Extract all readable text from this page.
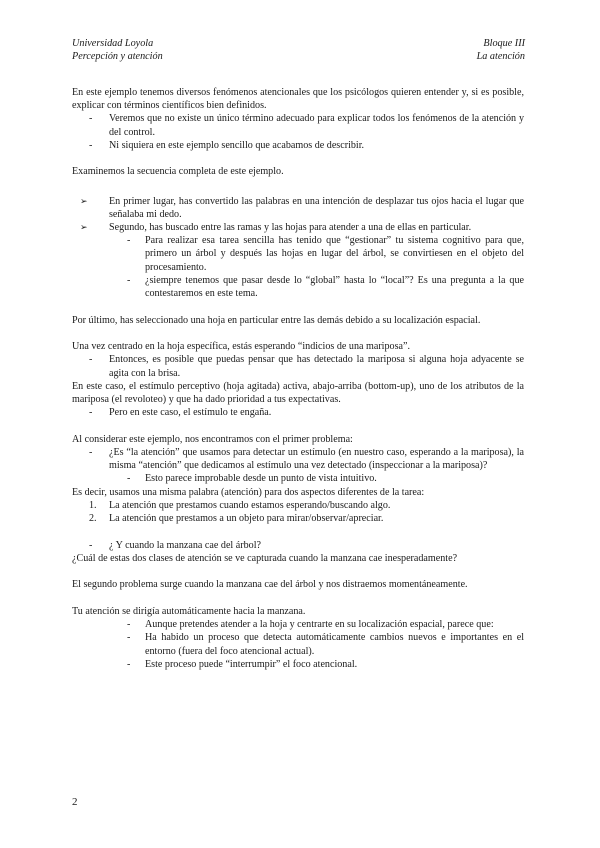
Universidad Loyola
Percepción y atención
Bloque III
La atención

En este ejemplo tenemos diversos fenómenos atencionales que los psicólogos quieren entender y, si es posible, explicar con términos científicos bien definidos.

- Veremos que no existe un único término adecuado para explicar todos los fenómenos de la atención y del control.
- Ni siquiera en este ejemplo sencillo que acabamos de describir.

Examinemos la secuencia completa de este ejemplo.

➢ En primer lugar, has convertido las palabras en una intención de desplazar tus ojos hacia el lugar que señalaba mi dedo.
➢ Segundo, has buscado entre las ramas y las hojas para atender a una de ellas en particular.
- Para realizar esa tarea sencilla has tenido que “gestionar” tu sistema cognitivo para que, primero un árbol y después las hojas en lugar del árbol, se convirtiesen en el objeto del procesamiento.
- ¿siempre tenemos que pasar desde lo “global” hasta lo “local”? Es una pregunta a la que contestaremos en este tema.

Por último, has seleccionado una hoja en particular entre las demás debido a su localización espacial.

Una vez centrado en la hoja específica, estás esperando “indicios de una mariposa”.

- Entonces, es posible que puedas pensar que has detectado la mariposa si alguna hoja adyacente se agita con la brisa.

En este caso, el estímulo perceptivo (hoja agitada) activa, abajo-arriba (bottom-up), uno de los atributos de la mariposa (el revoloteo) y que ha dado prioridad a tus expectativas.

- Pero en este caso, el estímulo te engaña.

Al considerar este ejemplo, nos encontramos con el primer problema:

- ¿Es “la atención” que usamos para detectar un estímulo (en nuestro caso, esperando a la mariposa), la misma “atención” que dedicamos al estímulo una vez detectado (inspeccionar a la mariposa)?
- Esto parece improbable desde un punto de vista intuitivo.

Es decir, usamos una misma palabra (atención) para dos aspectos diferentes de la tarea:

1. La atención que prestamos cuando estamos esperando/buscando algo.
2. La atención que prestamos a un objeto para mirar/observar/apreciar.
- ¿ Y cuando la manzana cae del árbol?

¿Cuál de estas dos clases de atención se ve capturada cuando la manzana cae inesperadamente?

El segundo problema surge cuando la manzana cae del árbol y nos distraemos momentáneamente.

Tu atención se dirigía automáticamente hacia la manzana.

- Aunque pretendes atender a la hoja y centrarte en su localización espacial, parece que:
- Ha habido un proceso que detecta automáticamente cambios nuevos e importantes en el entorno (fuera del foco atencional actual).
- Este proceso puede “interrumpir” el foco atencional.
2
